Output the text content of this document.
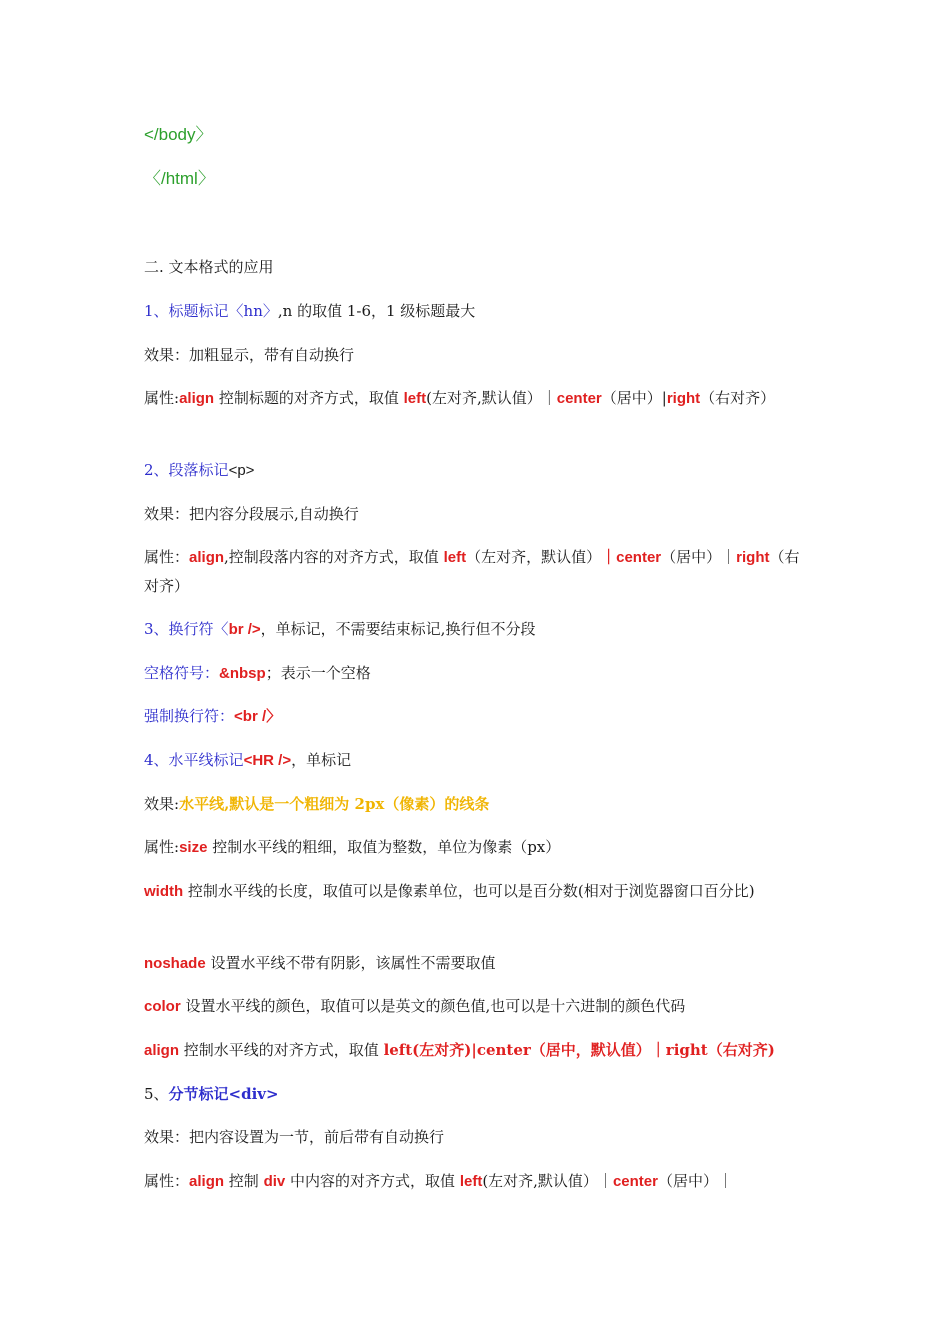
</body〉
〈/html〉
二. 文本格式的应用
1、标题标记〈hn〉,n 的取值 1-6，1 级标题最大
效果：加粗显示，带有自动换行
属性:align 控制标题的对齐方式，取值 left(左对齐,默认值）｜center（居中）|right（右对齐）
2、段落标记<p>
效果：把内容分段展示,自动换行
属性：align,控制段落内容的对齐方式，取值 left（左对齐，默认值）｜center（居中）｜right（右对齐）
3、换行符〈br />，单标记，不需要结束标记,换行但不分段
空格符号：&nbsp；表示一个空格
强制换行符：<br /〉
4、水平线标记<HR />，单标记
效果:水平线,默认是一个粗细为 2px（像素）的线条
属性:size 控制水平线的粗细，取值为整数，单位为像素（px）
width 控制水平线的长度，取值可以是像素单位，也可以是百分数(相对于浏览器窗口百分比)
noshade 设置水平线不带有阴影，该属性不需要取值
color 设置水平线的颜色，取值可以是英文的颜色值,也可以是十六进制的颜色代码
align 控制水平线的对齐方式，取值 left(左对齐)|center（居中，默认值）｜right（右对齐)
5、分节标记<div>
效果：把内容设置为一节，前后带有自动换行
属性：align 控制 div 中内容的对齐方式，取值 left(左对齐,默认值）｜center（居中）｜
